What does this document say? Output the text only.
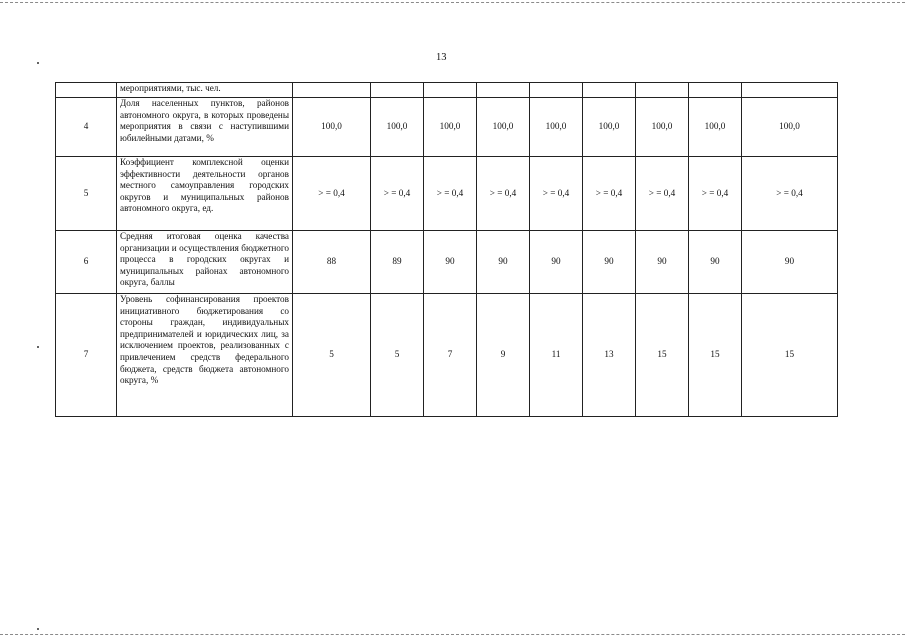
13
	мероприятиями, тыс. чел.									
4	Доля населенных пунктов, районов автономного округа, в которых проведены мероприятия в связи с наступившими юбилейными датами, %	100,0	100,0	100,0	100,0	100,0	100,0	100,0	100,0	100,0
5	Коэффициент комплексной оценки эффективности деятельности органов местного самоуправления городских округов и муниципальных районов автономного округа, ед.	> = 0,4	> = 0,4	> = 0,4	> = 0,4	> = 0,4	> = 0,4	> = 0,4	> = 0,4	> = 0,4
6	Средняя итоговая оценка качества организации и осуществления бюджетного процесса в городских округах и муниципальных районах автономного округа, баллы	88	89	90	90	90	90	90	90	90
7	Уровень софинансирования проектов инициативного бюджетирования со стороны граждан, индивидуальных предпринимателей и юридических лиц, за исключением проектов, реализованных с привлечением средств федерального бюджета, средств бюджета автономного округа, %	5	5	7	9	11	13	15	15	15
